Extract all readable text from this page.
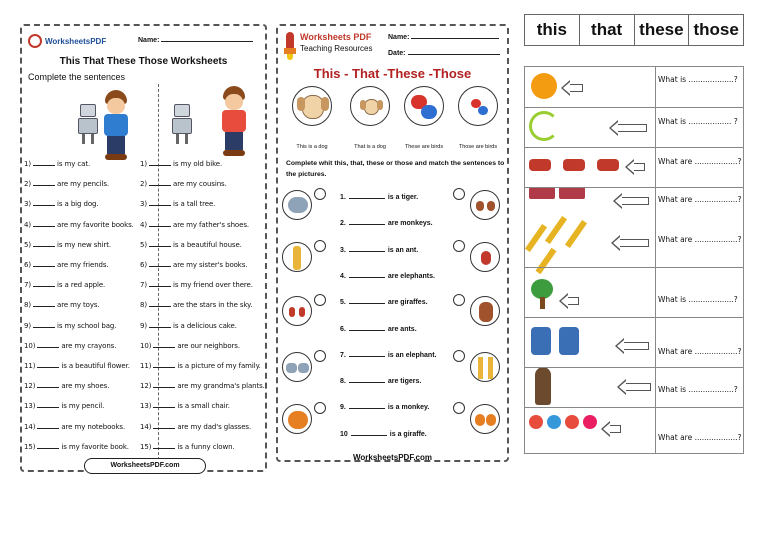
WorksheetsPDF	Name:
This That These Those Worksheets
Complete the sentences
WorksheetsPDF.com
1)	is my cat.
2)	are my pencils.
3)	is a big dog.
4)	are my favorite books.
5)	is my new shirt.
6)	are my friends.
7)	is a red apple.
8)	are my toys.
9)	is my school bag.
10)	are my crayons.
11)	is a beautiful flower.
12)	are my shoes.
13)	is my pencil.
14)	are my notebooks.
15)	is my favorite book.
1)	is my old bike.
2)	are my cousins.
3)	is a tall tree.
4)	are my father's shoes.
5)	is a beautiful house.
6)	are my sister's books.
7)	is my friend over there.
8)	are the stars in the sky.
9)	is a delicious cake.
10)	are our neighbors.
11)	is a picture of my family.
12)	are my grandma's plants.
13)	is a small chair.
14)	are my dad's glasses.
15)	is a funny clown.
Worksheets PDF
Teaching Resources
Name:
Date:
This - That -These -Those
This is a dog	That is a dog	These are birds	Those are birds
Complete whit this, that, these or those and match the sentences to the pictures.
WorksheetsPDF.com
1.	is a tiger.
2.	are monkeys.
3.	is an ant.
4.	are elephants.
5.	are giraffes.
6.	are ants.
7.	is an elephant.
8.	are tigers.
9.	is a monkey.
10	is a giraffe.
this	that these those
What is ...................?
What is .................. ?
What are ..................?
What are ..................?
What are ..................?
What is ...................?
What are ..................?
What is ...................?
What are ..................?
